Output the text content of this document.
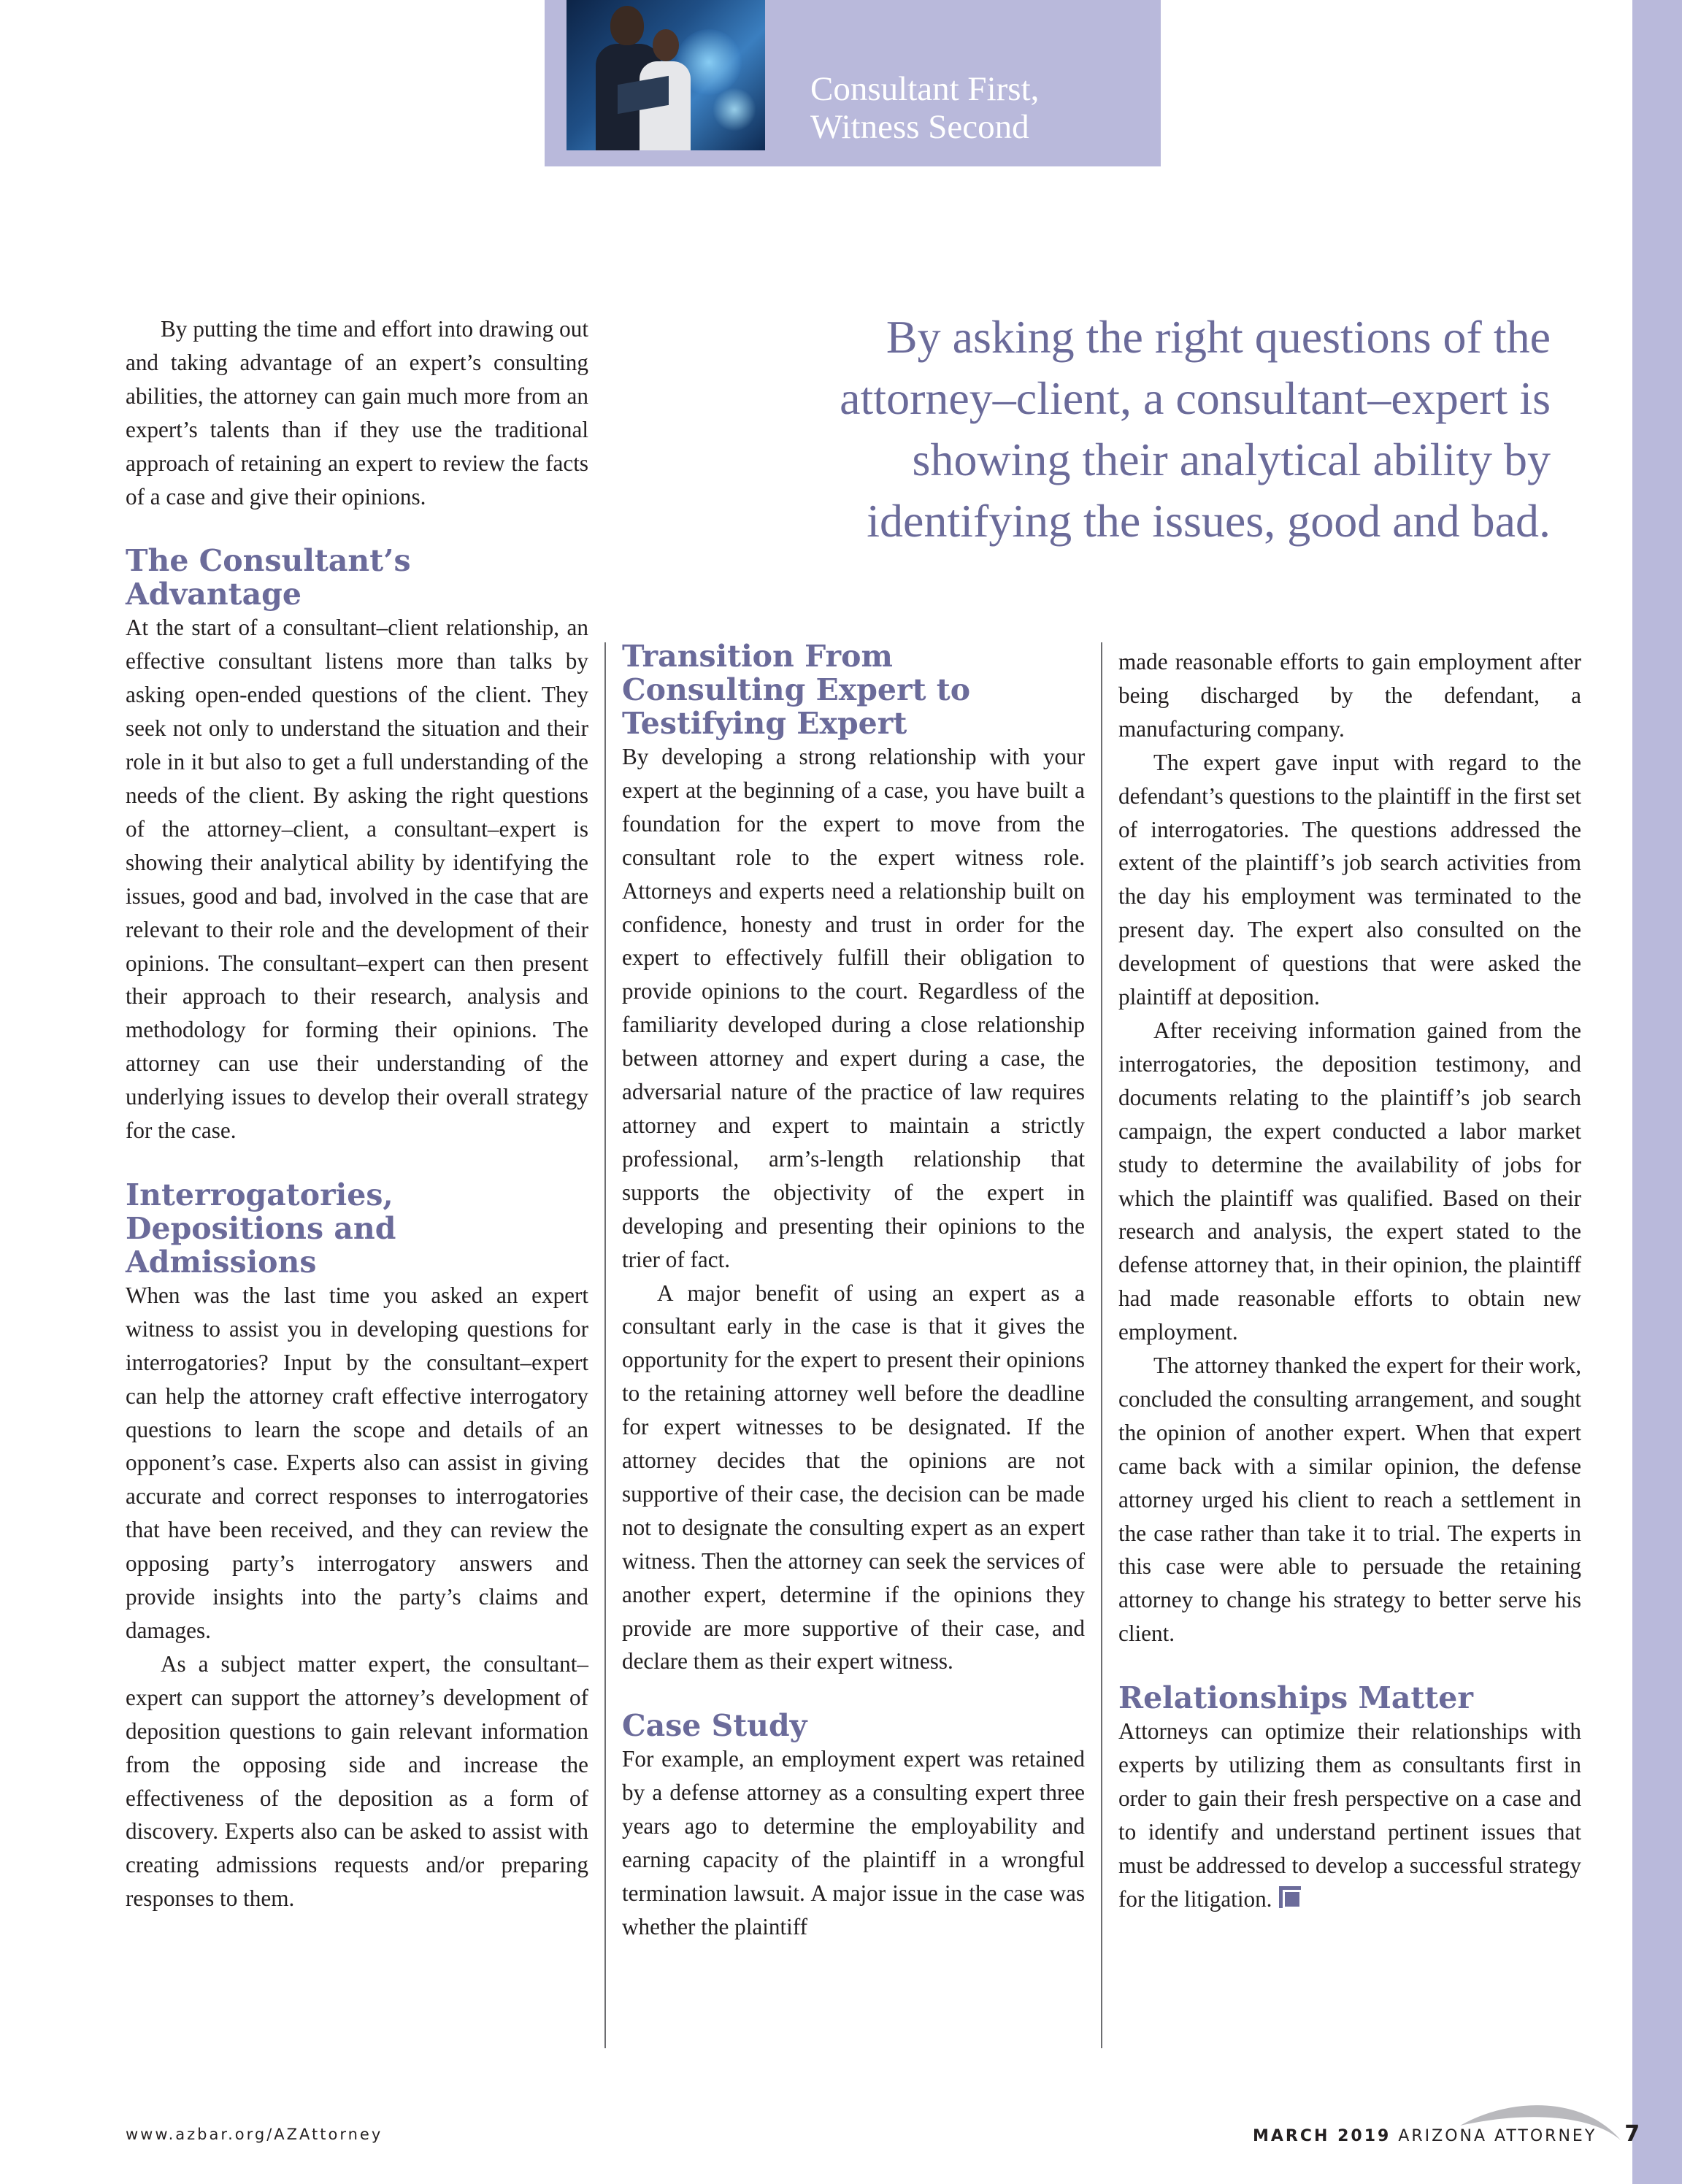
Consultant First,
Witness Second
By asking the right questions of the
attorney–client, a consultant–expert is
showing their analytical ability by
identifying the issues, good and bad.

By putting the time and effort into drawing out and taking advantage of an expert’s consulting abilities, the attorney can gain much more from an expert’s talents than if they use the traditional approach of retaining an expert to review the facts of a case and give their opinions.

The Consultant’s Advantage

At the start of a consultant–client relationship, an effective consultant listens more than talks by asking open-ended questions of the client. They seek not only to understand the situation and their role in it but also to get a full understanding of the needs of the client. By asking the right questions of the attorney–client, a consultant–expert is showing their analytical ability by identifying the issues, good and bad, involved in the case that are relevant to their role and the development of their opinions. The consultant–expert can then present their approach to their research, analysis and methodology for forming their opinions. The attorney can use their understanding of the underlying issues to develop their overall strategy for the case.

Interrogatories, Depositions and Admissions

When was the last time you asked an expert witness to assist you in developing questions for interrogatories? Input by the consultant–expert can help the attorney craft effective interrogatory questions to learn the scope and details of an opponent’s case. Experts also can assist in giving accurate and correct responses to interrogatories that have been received, and they can review the opposing party’s interrogatory answers and provide insights into the party’s claims and damages.

As a subject matter expert, the consultant–expert can support the attorney’s development of deposition questions to gain relevant information from the opposing side and increase the effectiveness of the deposition as a form of discovery. Experts also can be asked to assist with creating admissions requests and/or preparing responses to them.

Transition From Consulting Expert to Testifying Expert

By developing a strong relationship with your expert at the beginning of a case, you have built a foundation for the expert to move from the consultant role to the expert witness role. Attorneys and experts need a relationship built on confidence, honesty and trust in order for the expert to effectively fulfill their obligation to provide opinions to the court. Regardless of the familiarity developed during a close relationship between attorney and expert during a case, the adversarial nature of the practice of law requires attorney and expert to maintain a strictly professional, arm’s-length relationship that supports the objectivity of the expert in developing and presenting their opinions to the trier of fact.

A major benefit of using an expert as a consultant early in the case is that it gives the opportunity for the expert to present their opinions to the retaining attorney well before the deadline for expert witnesses to be designated. If the attorney decides that the opinions are not supportive of their case, the decision can be made not to designate the consulting expert as an expert witness. Then the attorney can seek the services of another expert, determine if the opinions they provide are more supportive of their case, and declare them as their expert witness.

Case Study

For example, an employment expert was retained by a defense attorney as a consulting expert three years ago to determine the employability and earning capacity of the plaintiff in a wrongful termination lawsuit. A major issue in the case was whether the plaintiff

made reasonable efforts to gain employment after being discharged by the defendant, a manufacturing company.

The expert gave input with regard to the defendant’s questions to the plaintiff in the first set of interrogatories. The questions addressed the extent of the plaintiff’s job search activities from the day his employment was terminated to the present day. The expert also consulted on the development of questions that were asked the plaintiff at deposition.

After receiving information gained from the interrogatories, the deposition testimony, and documents relating to the plaintiff’s job search campaign, the expert conducted a labor market study to determine the availability of jobs for which the plaintiff was qualified. Based on their research and analysis, the expert stated to the defense attorney that, in their opinion, the plaintiff had made reasonable efforts to obtain new employment.

The attorney thanked the expert for their work, concluded the consulting arrangement, and sought the opinion of another expert. When that expert came back with a similar opinion, the defense attorney urged his client to reach a settlement in the case rather than take it to trial. The experts in this case were able to persuade the retaining attorney to change his strategy to better serve his client.

Relationships Matter

Attorneys can optimize their relationships with experts by utilizing them as consultants first in order to gain their fresh perspective on a case and to identify and understand pertinent issues that must be addressed to develop a successful strategy for the litigation.

www.azbar.org/AZAttorney	MARCH 2019 ARIZONA ATTORNEY 7
